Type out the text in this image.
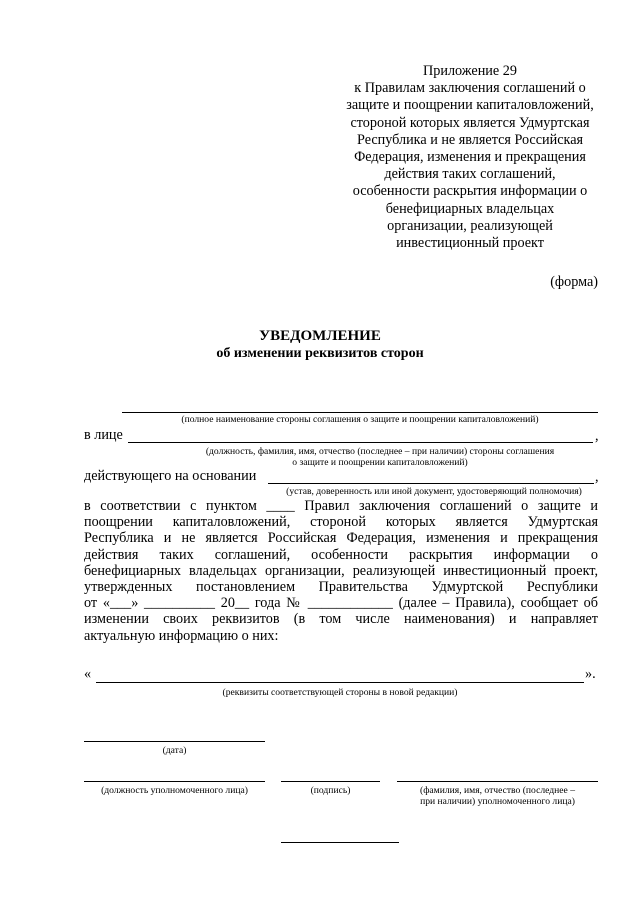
Приложение 29
к Правилам заключения соглашений о
защите и поощрении капиталовложений,
стороной которых является Удмуртская
Республика и не является Российская
Федерация, изменения и прекращения
действия таких соглашений,
особенности раскрытия информации о
бенефициарных владельцах
организации, реализующей
инвестиционный проект
(форма)
УВЕДОМЛЕНИЕ
об изменении реквизитов сторон
(полное наименование стороны соглашения о защите и поощрении капиталовложений)
в лице	,
(должность, фамилия, имя, отчество (последнее – при наличии) стороны соглашения
о защите и поощрении капиталовложений)
действующего на основании	,
(устав, доверенность или иной документ, удостоверяющий полномочия)
в соответствии с пунктом ____ Правил заключения соглашений о защите и
поощрении капиталовложений, стороной которых является Удмуртская
Республика и не является Российская Федерация, изменения и прекращения
действия таких соглашений, особенности раскрытия информации о
бенефициарных владельцах организации, реализующей инвестиционный проект,
утвержденных постановлением Правительства Удмуртской Республики
от «___» __________ 20__ года № ____________ (далее – Правила), сообщает об
изменении своих реквизитов (в том числе наименования) и направляет
актуальную информацию о них:
«	».
(реквизиты соответствующей стороны в новой редакции)
(дата)
(должность уполномоченного лица)	(подпись)	(фамилия, имя, отчество (последнее –
при наличии) уполномоченного лица)
